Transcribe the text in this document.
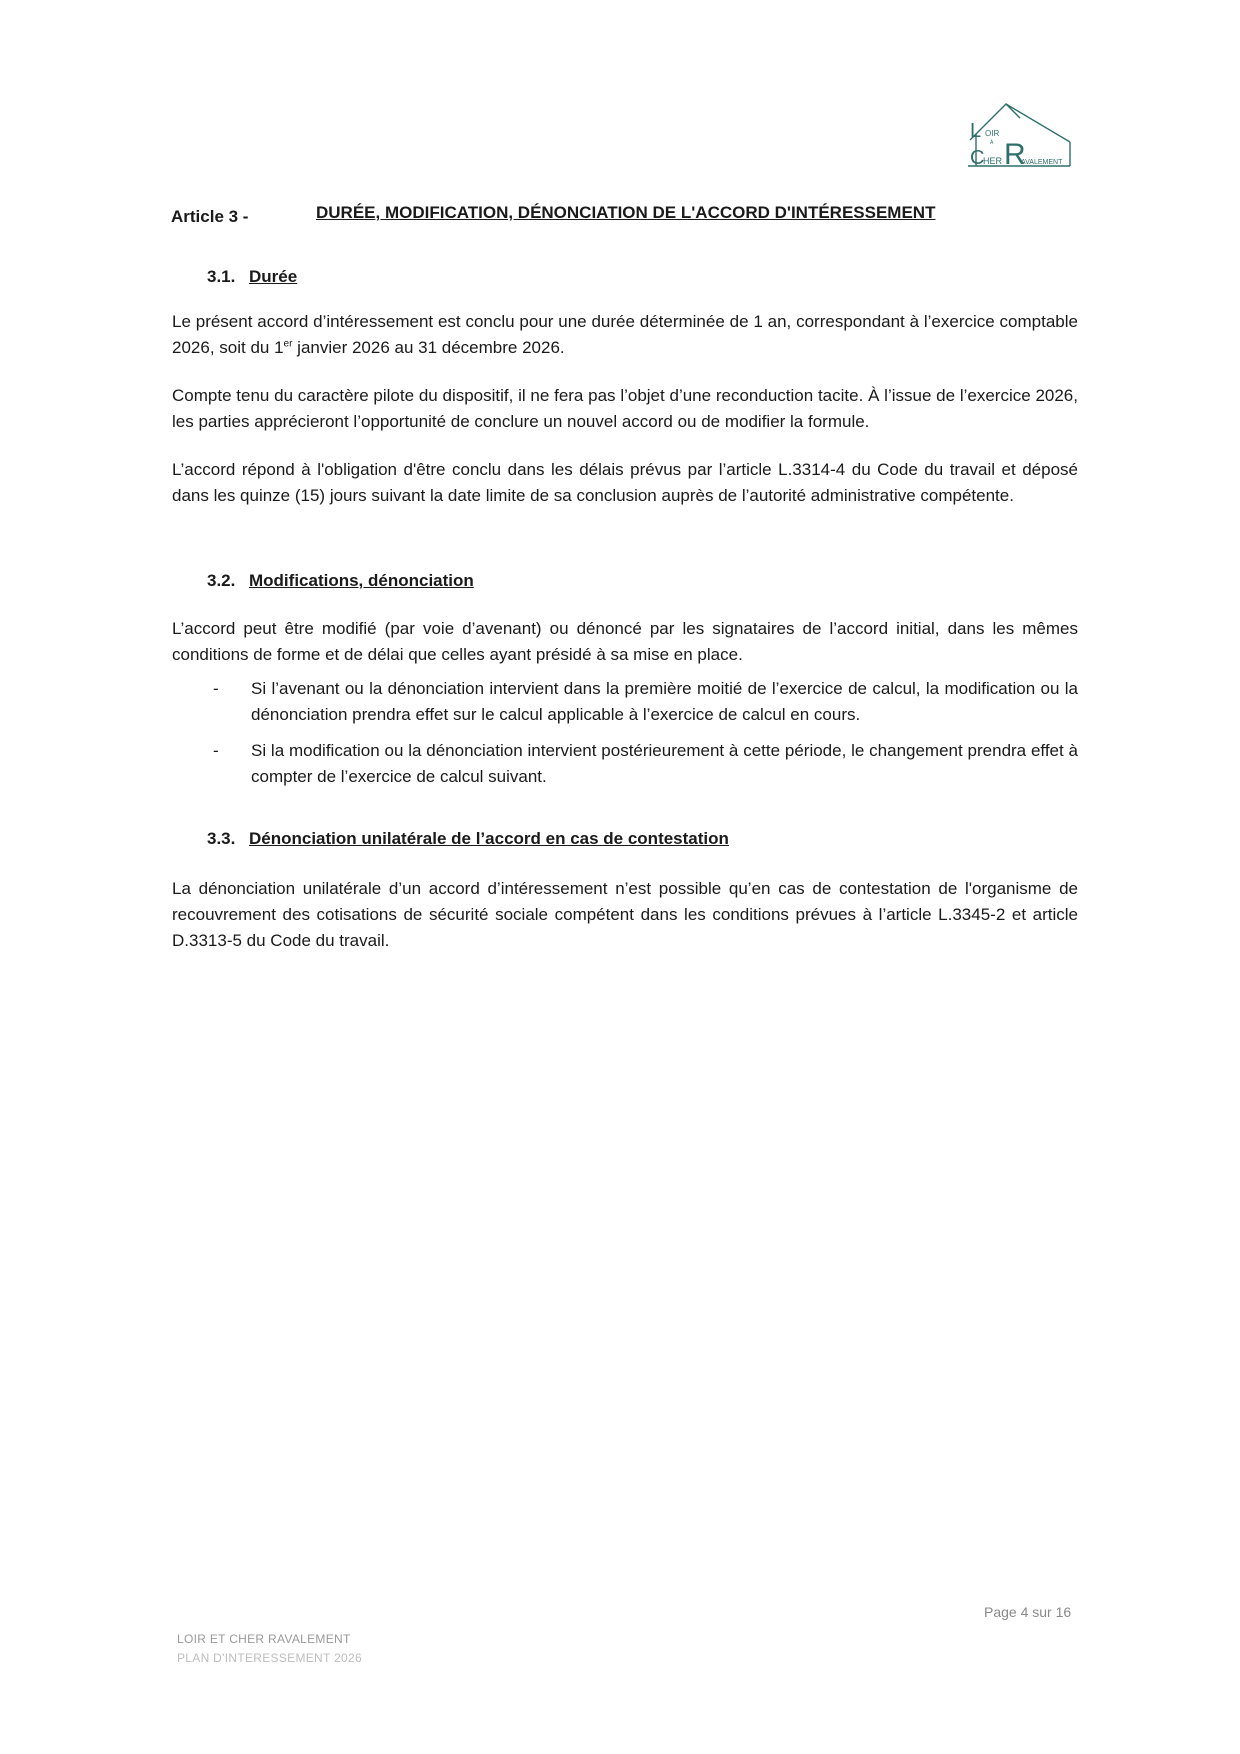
L OIR
À
C
HER R
AVALEMENT
Article 3 -	DURÉE, MODIFICATION, DÉNONCIATION DE L'ACCORD D'INTÉRESSEMENT
3.1. Durée
Le présent accord d’intéressement est conclu pour une durée déterminée de 1 an, correspondant à l’exercice comptable 2026, soit du 1er janvier 2026 au 31 décembre 2026.
Compte tenu du caractère pilote du dispositif, il ne fera pas l’objet d’une reconduction tacite. À l’issue de l’exercice 2026, les parties apprécieront l’opportunité de conclure un nouvel accord ou de modifier la formule.
L’accord répond à l'obligation d'être conclu dans les délais prévus par l’article L.3314-4 du Code du travail et déposé dans les quinze (15) jours suivant la date limite de sa conclusion auprès de l’autorité administrative compétente.
3.2. Modifications, dénonciation
L’accord peut être modifié (par voie d’avenant) ou dénoncé par les signataires de l’accord initial, dans les mêmes conditions de forme et de délai que celles ayant présidé à sa mise en place.
- Si l’avenant ou la dénonciation intervient dans la première moitié de l’exercice de calcul, la modification ou la dénonciation prendra effet sur le calcul applicable à l’exercice de calcul en cours.
- Si la modification ou la dénonciation intervient postérieurement à cette période, le changement prendra effet à compter de l’exercice de calcul suivant.
3.3. Dénonciation unilatérale de l’accord en cas de contestation
La dénonciation unilatérale d’un accord d’intéressement n’est possible qu’en cas de contestation de l'organisme de recouvrement des cotisations de sécurité sociale compétent dans les conditions prévues à l’article L.3345-2 et article D.3313-5 du Code du travail.
Page 4 sur 16
LOIR ET CHER RAVALEMENT
PLAN D'INTERESSEMENT 2026
